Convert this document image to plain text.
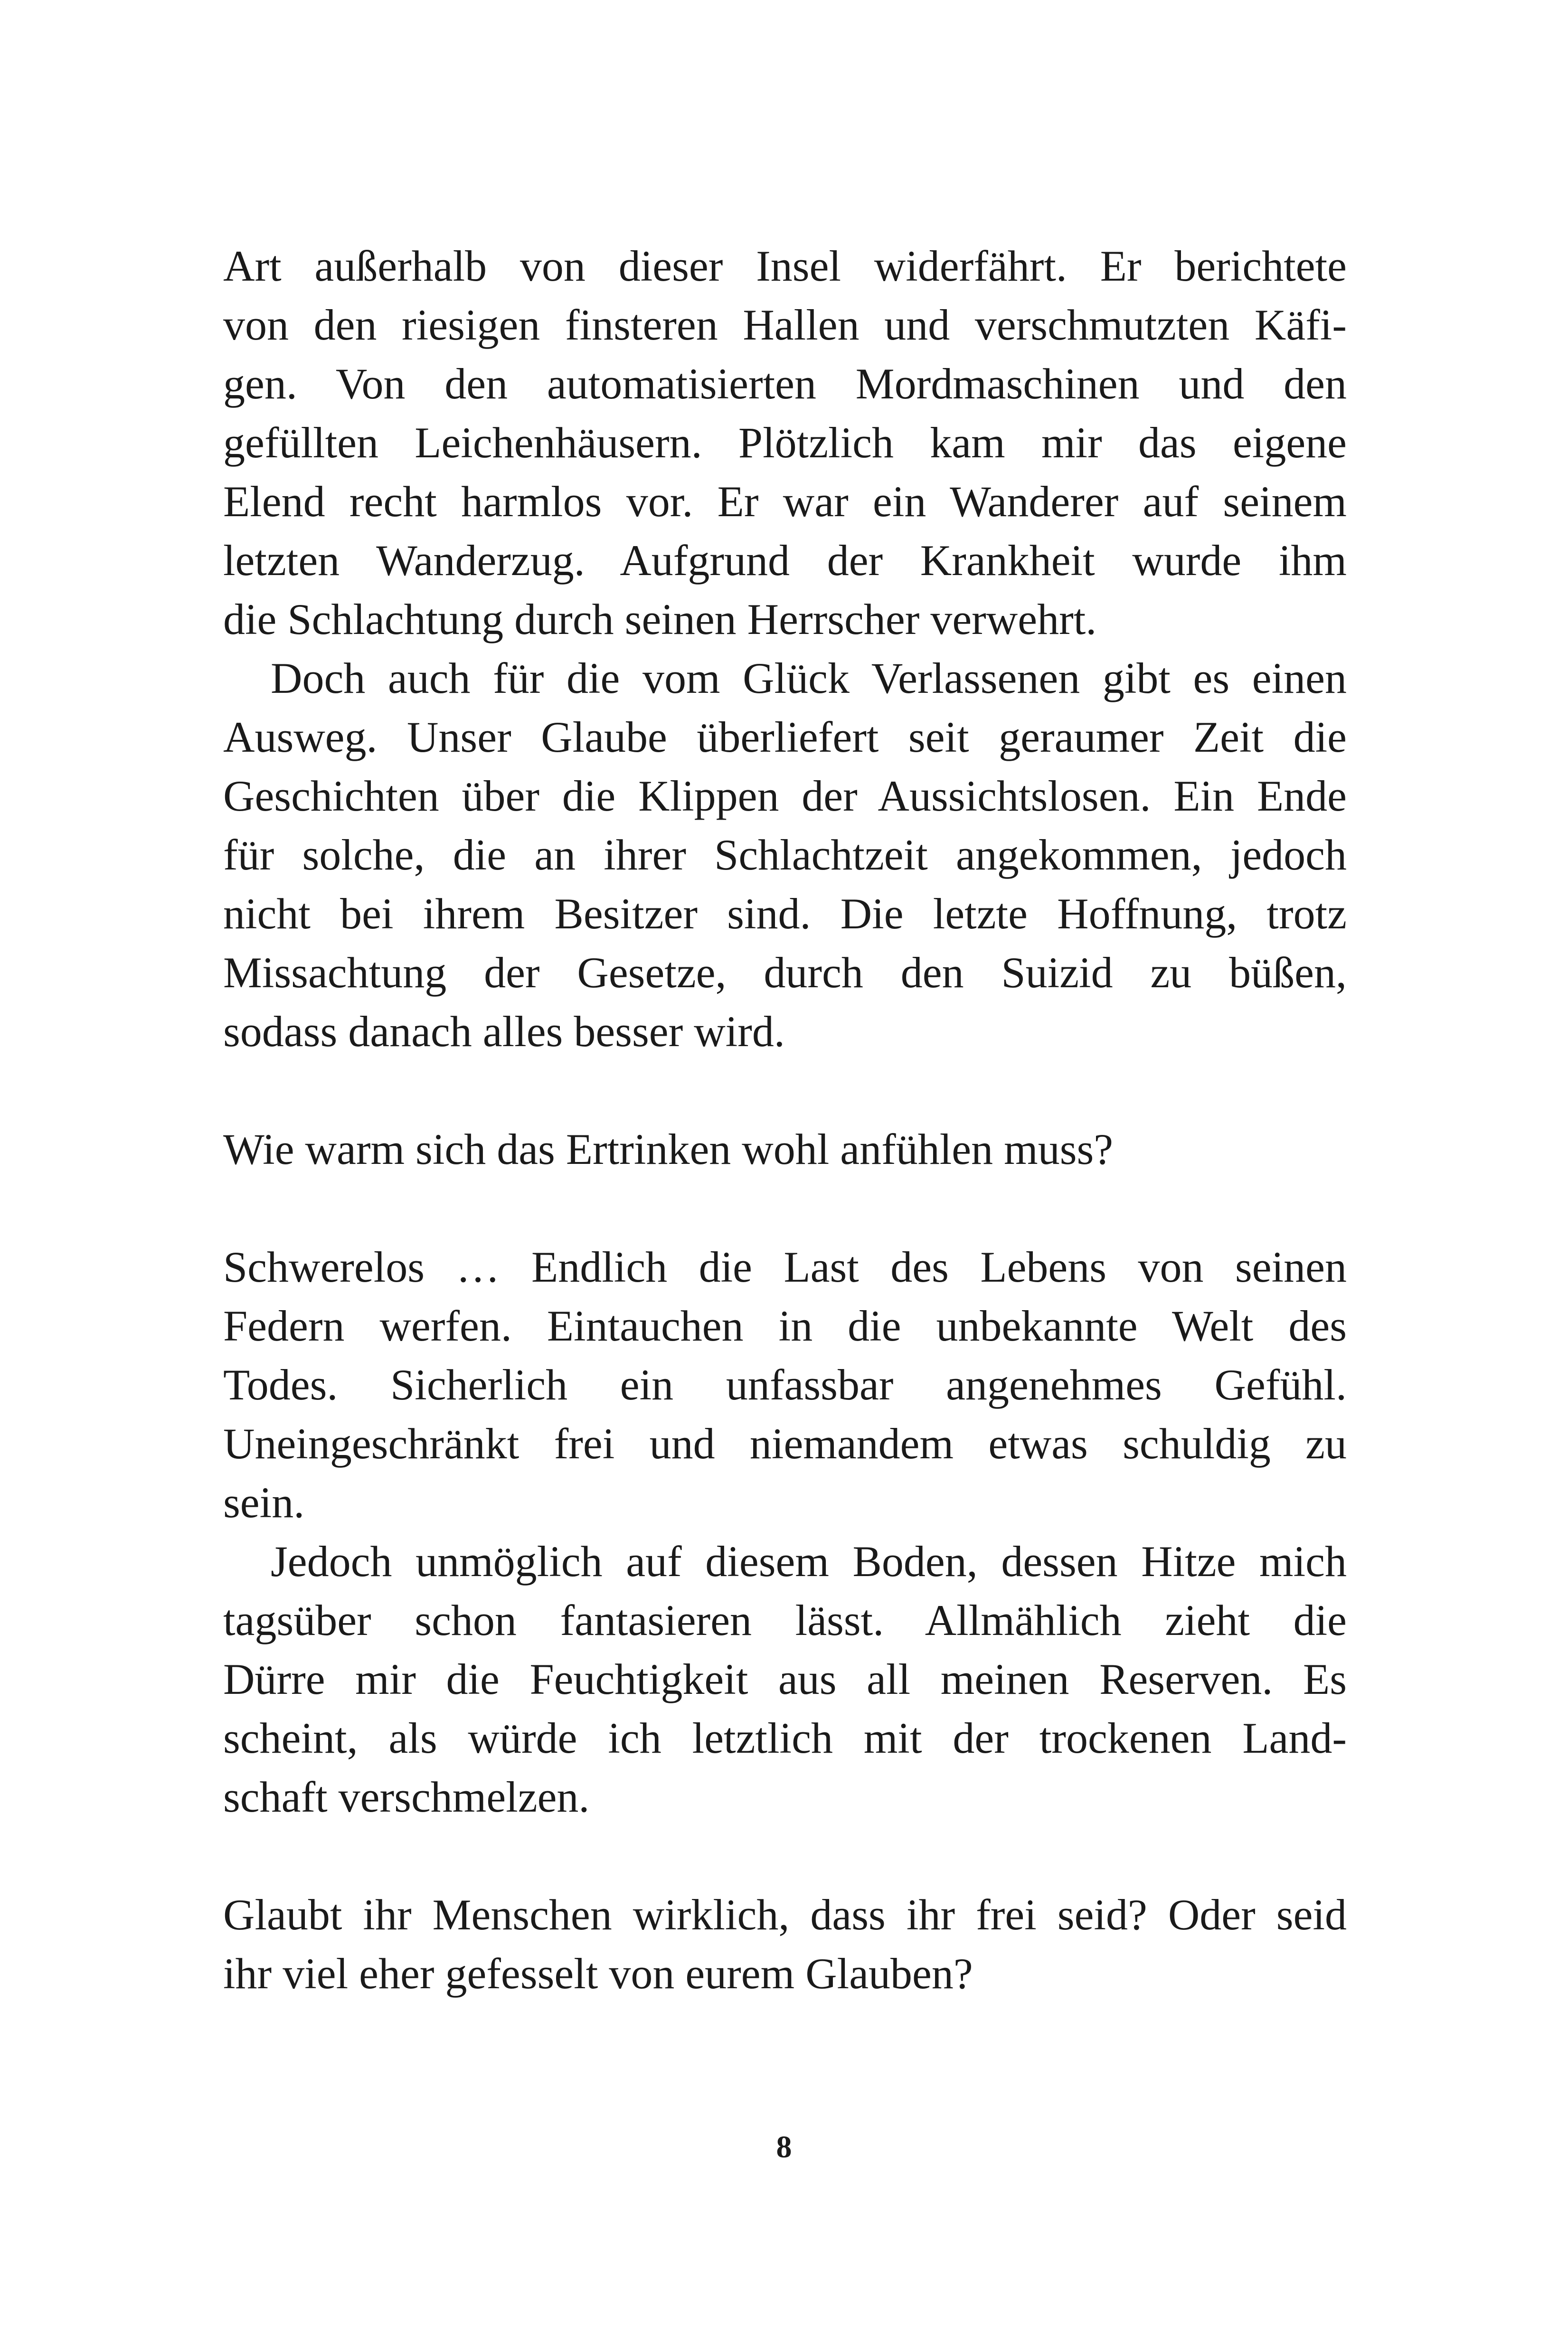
Art außerhalb von dieser Insel widerfährt. Er berichtete
von den riesigen finsteren Hallen und verschmutzten Käfi-
gen. Von den automatisierten Mordmaschinen und den
gefüllten Leichenhäusern. Plötzlich kam mir das eigene
Elend recht harmlos vor. Er war ein Wanderer auf seinem
letzten Wanderzug. Aufgrund der Krankheit wurde ihm
die Schlachtung durch seinen Herrscher verwehrt.
Doch auch für die vom Glück Verlassenen gibt es einen
Ausweg. Unser Glaube überliefert seit geraumer Zeit die
Geschichten über die Klippen der Aussichtslosen. Ein Ende
für solche, die an ihrer Schlachtzeit angekommen, jedoch
nicht bei ihrem Besitzer sind. Die letzte Hoffnung, trotz
Missachtung der Gesetze, durch den Suizid zu büßen,
sodass danach alles besser wird.
Wie warm sich das Ertrinken wohl anfühlen muss?
Schwerelos … Endlich die Last des Lebens von seinen
Federn werfen. Eintauchen in die unbekannte Welt des
Todes. Sicherlich ein unfassbar angenehmes Gefühl.
Uneingeschränkt frei und niemandem etwas schuldig zu
sein.
Jedoch unmöglich auf diesem Boden, dessen Hitze mich
tagsüber schon fantasieren lässt. Allmählich zieht die
Dürre mir die Feuchtigkeit aus all meinen Reserven. Es
scheint, als würde ich letztlich mit der trockenen Land-
schaft verschmelzen.
Glaubt ihr Menschen wirklich, dass ihr frei seid? Oder seid
ihr viel eher gefesselt von eurem Glauben?
8
